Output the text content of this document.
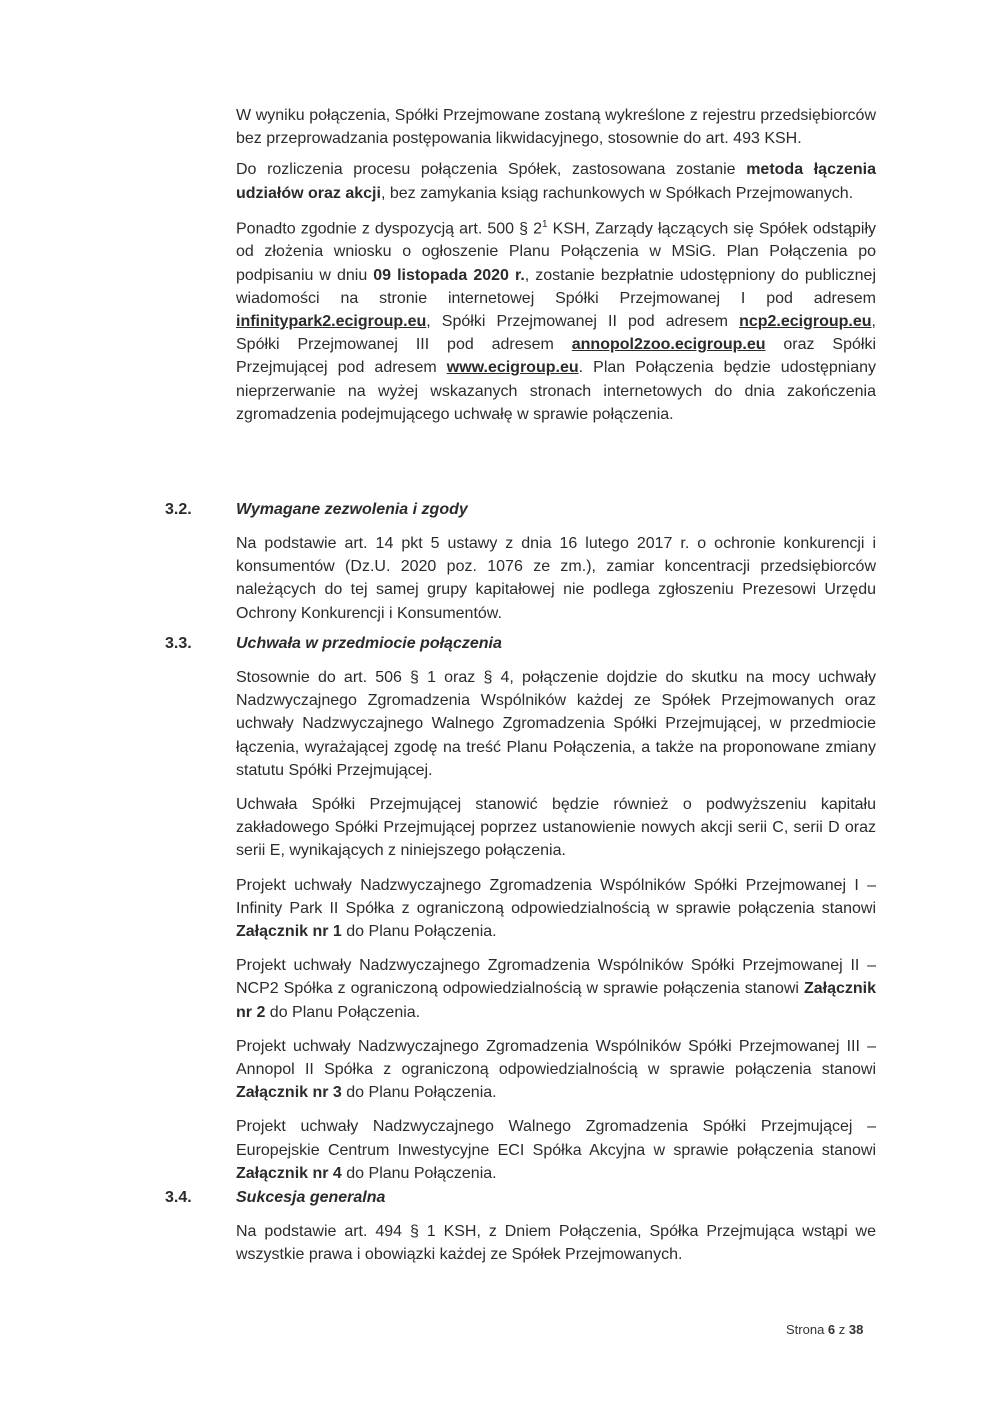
W wyniku połączenia, Spółki Przejmowane zostaną wykreślone z rejestru przedsiębiorców bez przeprowadzania postępowania likwidacyjnego, stosownie do art. 493 KSH.

Do rozliczenia procesu połączenia Spółek, zastosowana zostanie metoda łączenia udziałów oraz akcji, bez zamykania ksiąg rachunkowych w Spółkach Przejmowanych.

Ponadto zgodnie z dyspozycją art. 500 § $2^1$ KSH, Zarządy łączących się Spółek odstąpiły od złożenia wniosku o ogłoszenie Planu Połączenia w MSiG. Plan Połączenia po podpisaniu w dniu 09 listopada 2020 r., zostanie bezpłatnie udostępniony do publicznej wiadomości na stronie internetowej Spółki Przejmowanej I pod adresem infinitypark2.ecigroup.eu, Spółki Przejmowanej II pod adresem ncp2.ecigroup.eu, Spółki Przejmowanej III pod adresem annopol2zoo.ecigroup.eu oraz Spółki Przejmującej pod adresem www.ecigroup.eu. Plan Połączenia będzie udostępniany nieprzerwanie na wyżej wskazanych stronach internetowych do dnia zakończenia zgromadzenia podejmującego uchwałę w sprawie połączenia.

3.2.	Wymagane zezwolenia i zgody

Na podstawie art. 14 pkt 5 ustawy z dnia 16 lutego 2017 r. o ochronie konkurencji i konsumentów (Dz.U. 2020 poz. 1076 ze zm.), zamiar koncentracji przedsiębiorców należących do tej samej grupy kapitałowej nie podlega zgłoszeniu Prezesowi Urzędu Ochrony Konkurencji i Konsumentów.

3.3.	Uchwała w przedmiocie połączenia

Stosownie do art. 506 § 1 oraz § 4, połączenie dojdzie do skutku na mocy uchwały Nadzwyczajnego Zgromadzenia Wspólników każdej ze Spółek Przejmowanych oraz uchwały Nadzwyczajnego Walnego Zgromadzenia Spółki Przejmującej, w przedmiocie łączenia, wyrażającej zgodę na treść Planu Połączenia, a także na proponowane zmiany statutu Spółki Przejmującej.

Uchwała Spółki Przejmującej stanowić będzie również o podwyższeniu kapitału zakładowego Spółki Przejmującej poprzez ustanowienie nowych akcji serii C, serii D oraz serii E, wynikających z niniejszego połączenia.

Projekt uchwały Nadzwyczajnego Zgromadzenia Wspólników Spółki Przejmowanej I – Infinity Park II Spółka z ograniczoną odpowiedzialnością w sprawie połączenia stanowi Załącznik nr 1 do Planu Połączenia.

Projekt uchwały Nadzwyczajnego Zgromadzenia Wspólników Spółki Przejmowanej II – NCP2 Spółka z ograniczoną odpowiedzialnością w sprawie połączenia stanowi Załącznik nr 2 do Planu Połączenia.

Projekt uchwały Nadzwyczajnego Zgromadzenia Wspólników Spółki Przejmowanej III – Annopol II Spółka z ograniczoną odpowiedzialnością w sprawie połączenia stanowi Załącznik nr 3 do Planu Połączenia.

Projekt uchwały Nadzwyczajnego Walnego Zgromadzenia Spółki Przejmującej – Europejskie Centrum Inwestycyjne ECI Spółka Akcyjna w sprawie połączenia stanowi Załącznik nr 4 do Planu Połączenia.

3.4.	Sukcesja generalna

Na podstawie art. 494 § 1 KSH, z Dniem Połączenia, Spółka Przejmująca wstąpi we wszystkie prawa i obowiązki każdej ze Spółek Przejmowanych.

Strona 6 z 38
